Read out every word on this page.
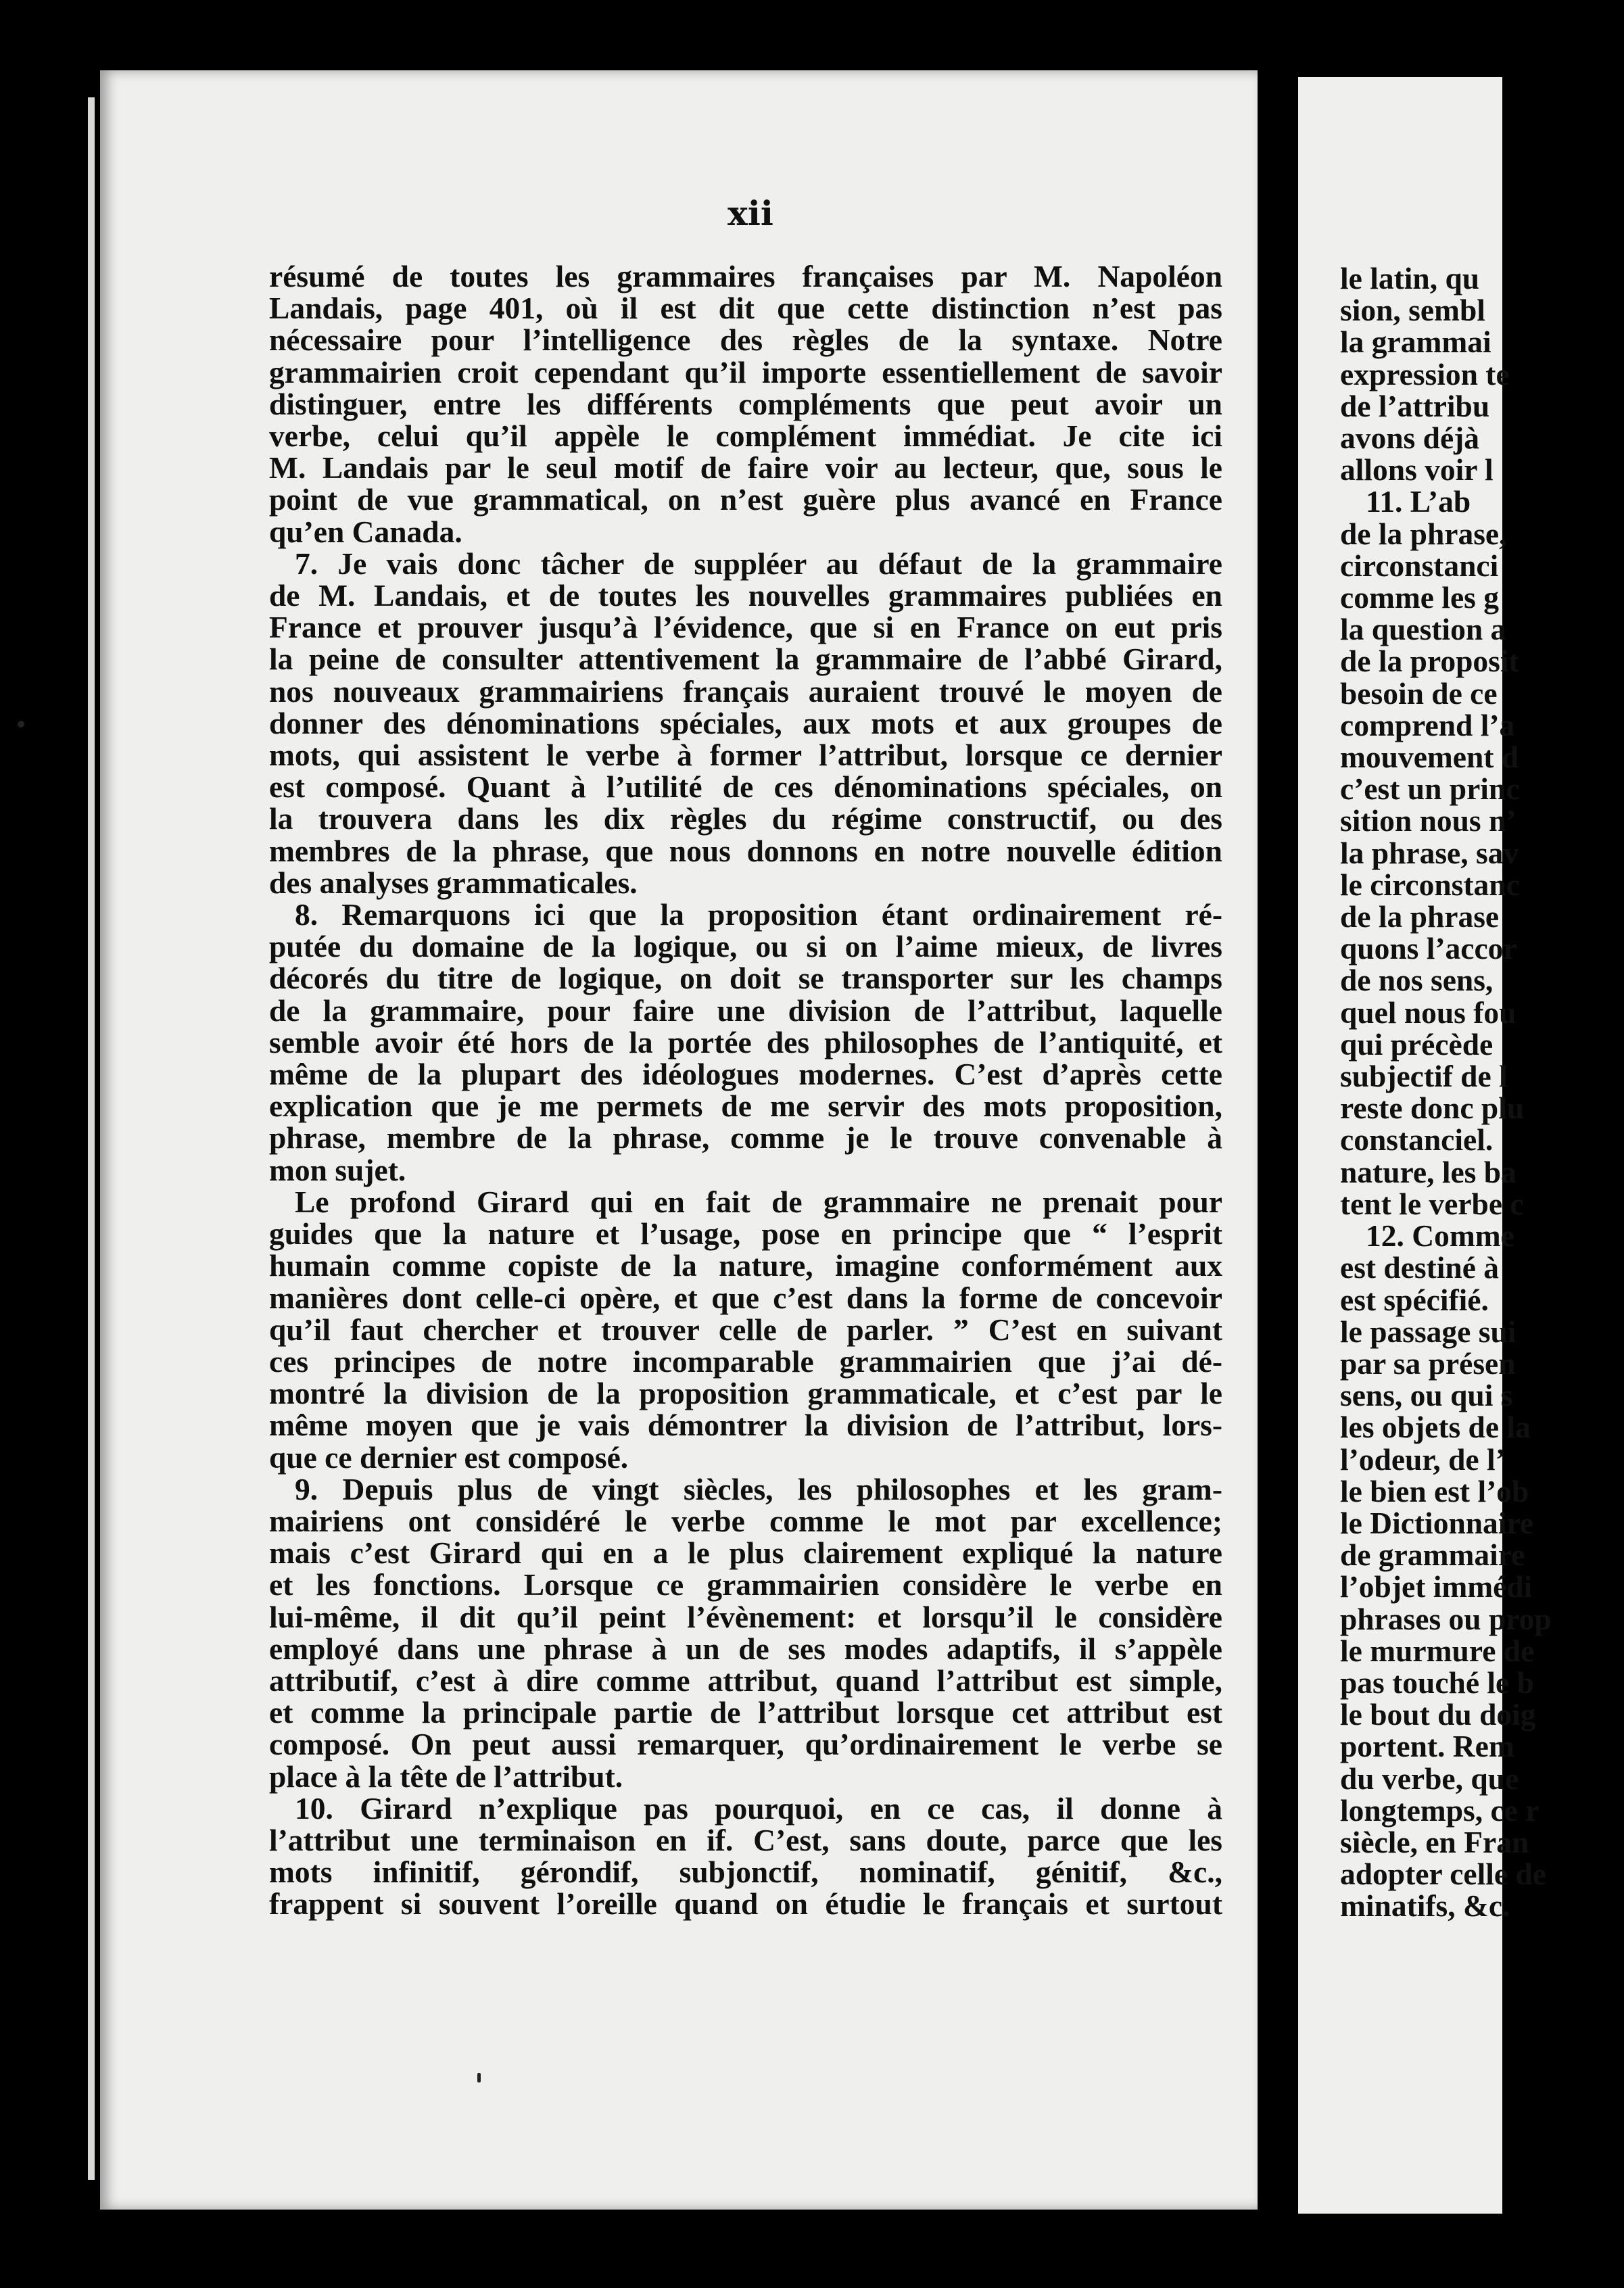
xii
résumé de toutes les grammaires françaises par M. Napoléon
Landais, page 401, où il est dit que cette distinction n’est pas
nécessaire pour l’intelligence des règles de la syntaxe. Notre
grammairien croit cependant qu’il importe essentiellement de savoir
distinguer, entre les différents compléments que peut avoir un
verbe, celui qu’il appèle le complément immédiat. Je cite ici
M. Landais par le seul motif de faire voir au lecteur, que, sous le
point de vue grammatical, on n’est guère plus avancé en France
qu’en Canada.
7. Je vais donc tâcher de suppléer au défaut de la grammaire
de M. Landais, et de toutes les nouvelles grammaires publiées en
France et prouver jusqu’à l’évidence, que si en France on eut pris
la peine de consulter attentivement la grammaire de l’abbé Girard,
nos nouveaux grammairiens français auraient trouvé le moyen de
donner des dénominations spéciales, aux mots et aux groupes de
mots, qui assistent le verbe à former l’attribut, lorsque ce dernier
est composé. Quant à l’utilité de ces dénominations spéciales, on
la trouvera dans les dix règles du régime constructif, ou des
membres de la phrase, que nous donnons en notre nouvelle édition
des analyses grammaticales.
8. Remarquons ici que la proposition étant ordinairement ré-
putée du domaine de la logique, ou si on l’aime mieux, de livres
décorés du titre de logique, on doit se transporter sur les champs
de la grammaire, pour faire une division de l’attribut, laquelle
semble avoir été hors de la portée des philosophes de l’antiquité, et
même de la plupart des idéologues modernes. C’est d’après cette
explication que je me permets de me servir des mots proposition,
phrase, membre de la phrase, comme je le trouve convenable à
mon sujet.
Le profond Girard qui en fait de grammaire ne prenait pour
guides que la nature et l’usage, pose en principe que “ l’esprit
humain comme copiste de la nature, imagine conformément aux
manières dont celle-ci opère, et que c’est dans la forme de concevoir
qu’il faut chercher et trouver celle de parler. ” C’est en suivant
ces principes de notre incomparable grammairien que j’ai dé-
montré la division de la proposition grammaticale, et c’est par le
même moyen que je vais démontrer la division de l’attribut, lors-
que ce dernier est composé.
9. Depuis plus de vingt siècles, les philosophes et les gram-
mairiens ont considéré le verbe comme le mot par excellence;
mais c’est Girard qui en a le plus clairement expliqué la nature
et les fonctions. Lorsque ce grammairien considère le verbe en
lui-même, il dit qu’il peint l’évènement: et lorsqu’il le considère
employé dans une phrase à un de ses modes adaptifs, il s’appèle
attributif, c’est à dire comme attribut, quand l’attribut est simple,
et comme la principale partie de l’attribut lorsque cet attribut est
composé. On peut aussi remarquer, qu’ordinairement le verbe se
place à la tête de l’attribut.
10. Girard n’explique pas pourquoi, en ce cas, il donne à
l’attribut une terminaison en if. C’est, sans doute, parce que les
mots infinitif, gérondif, subjonctif, nominatif, génitif, &c.,
frappent si souvent l’oreille quand on étudie le français et surtout
le latin, qu
sion, sembl
la grammai
expression te
de l’attribu
avons déjà
allons voir l
11. L’ab
de la phrase,
circonstanci
comme les g
la question a
de la proposit
besoin de ce
comprend l’a
mouvement d
c’est un princ
sition nous n’
la phrase, sav
le circonstanc
de la phrase
quons l’accor
de nos sens,
quel nous fou
qui précède
subjectif de l
reste donc plu
constanciel.
nature, les ba
tent le verbe c
12. Comme
est destiné à
est spécifié.
le passage sui
par sa présen
sens, ou qui s
les objets de la
l’odeur, de l’
le bien est l’ob
le Dictionnaire
de grammaire
l’objet immédi
phrases ou prop
le murmure de
pas touché le b
le bout du doig
portent. Rem
du verbe, que
longtemps, ce r
siècle, en Fran
adopter celle de
minatifs, &c.
